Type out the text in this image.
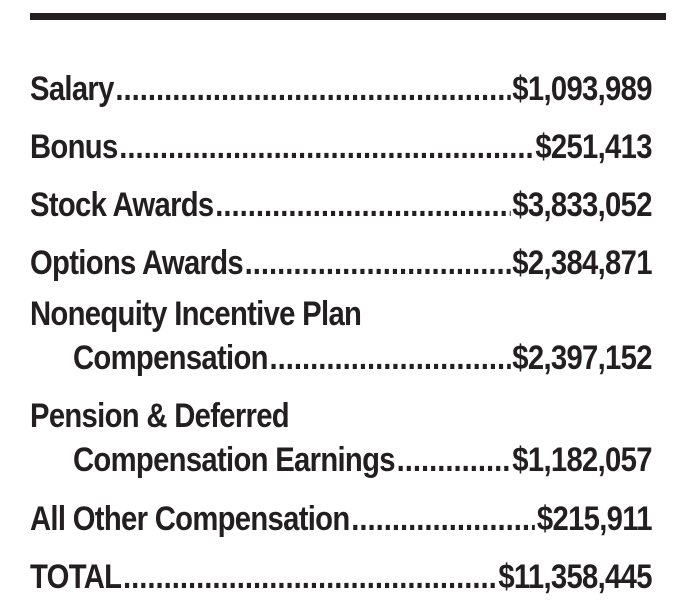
Salary .....	$1,093,989
Bonus .....	$251,413
Stock Awards .....	$3,833,052
Options Awards .....	$2,384,871
Nonequity Incentive Plan
Compensation .....	$2,397,152
Pension & Deferred
Compensation Earnings .....	$1,182,057
All Other Compensation .....	$215,911
TOTAL .....	$11,358,445
